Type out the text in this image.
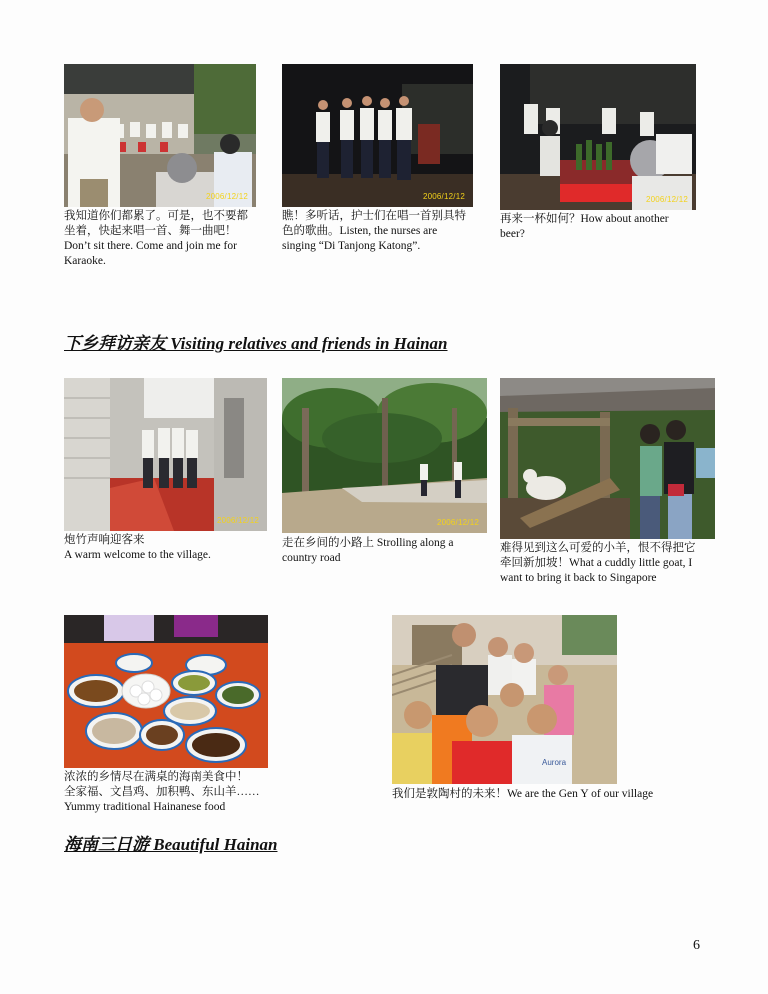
2006/12/12	2006/12/12	2006/12/12
我知道你们都累了。可是，也不要都
坐着，快起来唱一首、舞一曲吧！
Don’t sit there. Come and join me for
Karaoke.
瞧！多听话，护士们在唱一首别具特
色的歌曲。Listen, the nurses are
singing “Di Tanjong Katong”.
再来一杯如何？How about another
beer?
下乡拜访亲友 Visiting relatives and friends in Hainan
2006/12/12	2006/12/12
炮竹声响迎客来
A warm welcome to the village.
走在乡间的小路上 Strolling along a
country road
难得见到这么可爱的小羊，恨不得把它
牵回新加坡！What a cuddly little goat, I
want to bring it back to Singapore
Aurora
浓浓的乡情尽在满桌的海南美食中！
全家福、文昌鸡、加积鸭、东山羊……
Yummy traditional Hainanese food
我们是敦陶村的未来！We are the Gen Y of our village
海南三日游 Beautiful Hainan
6
